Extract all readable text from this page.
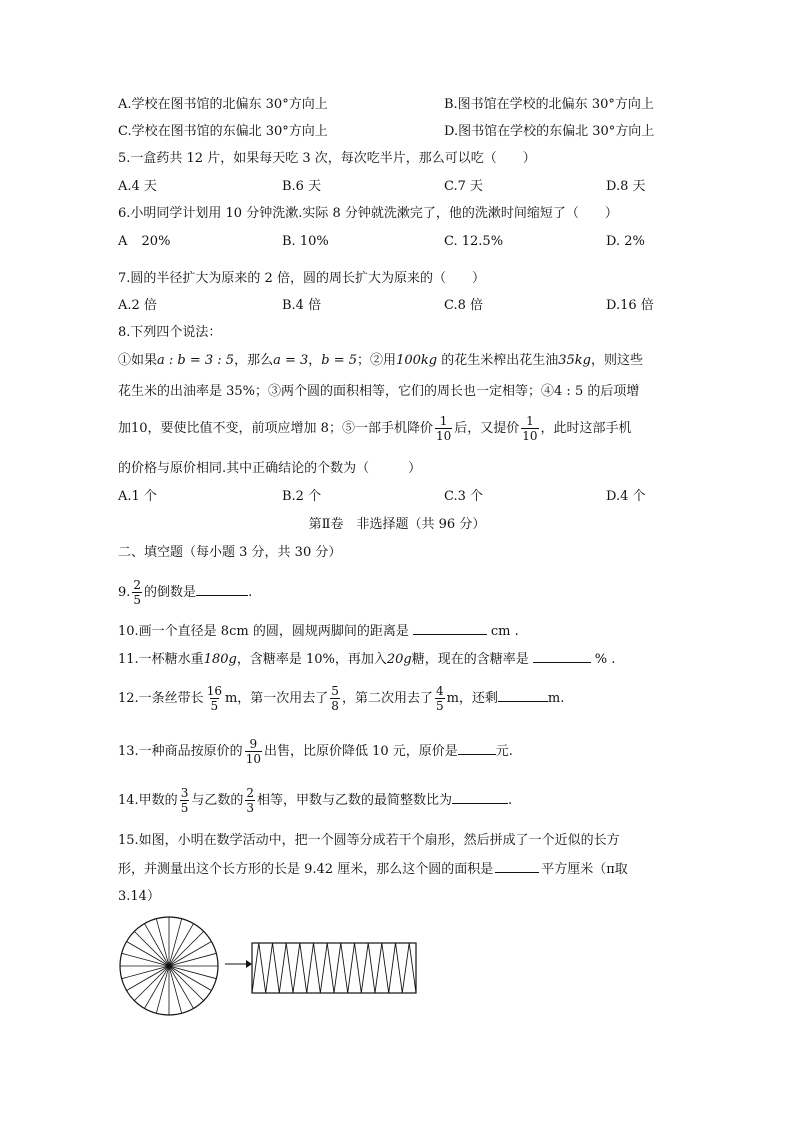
A.学校在图书馆的北偏东 30°方向上	B.图书馆在学校的北偏东 30°方向上
C.学校在图书馆的东偏北 30°方向上	D.图书馆在学校的东偏北 30°方向上
5.一盒药共 12 片，如果每天吃 3 次，每次吃半片，那么可以吃（　　）
A.4 天	B.6 天	C.7 天	D.8 天
6.小明同学计划用 10 分钟洗漱.实际 8 分钟就洗漱完了，他的洗漱时间缩短了（　　）
A 20%	B. 10%	C. 12.5%	D. 2%
7.圆的半径扩大为原来的 2 倍，圆的周长扩大为原来的（　　）
A.2 倍	B.4 倍	C.8 倍	D.16 倍
8.下列四个说法：
①如果a : b = 3 : 5，那么a = 3，b = 5；②用100kg 的花生米榨出花生油35kg，则这些
花生米的出油率是 35%；③两个圆的面积相等，它们的周长也一定相等；④4 : 5 的后项增
加10，要使比值不变，前项应增加 8；⑤一部手机降价 $\frac{1}{10}$ 后，又提价 $\frac{1}{10}$ ，此时这部手机
的价格与原价相同.其中正确结论的个数为（　　　）
A.1 个	B.2 个	C.3 个	D.4 个
第Ⅱ卷　非选择题（共 96 分）
二、填空题（每小题 3 分，共 30 分）
9. $\frac{2}{5}$ 的倒数是	.
10.画一个直径是 8cm 的圆，圆规两脚间的距离是	cm .
11.一杯糖水重180g，含糖率是 10%，再加入20g糖，现在的含糖率是	% .
12.一条丝带长 $\frac{16}{5}$ m，第一次用去了 $\frac{5}{8}$ ，第二次用去了 $\frac{4}{5}$ m，还剩	m.
13.一种商品按原价的 $\frac{9}{10}$ 出售，比原价降低 10 元，原价是	元.
14.甲数的 $\frac{3}{5}$ 与乙数的 $\frac{2}{3}$ 相等，甲数与乙数的最简整数比为	.
15.如图，小明在数学活动中，把一个圆等分成若干个扇形，然后拼成了一个近似的长方
形，并测量出这个长方形的长是 9.42 厘米，那么这个圆的面积是	平方厘米（π取
3.14）
